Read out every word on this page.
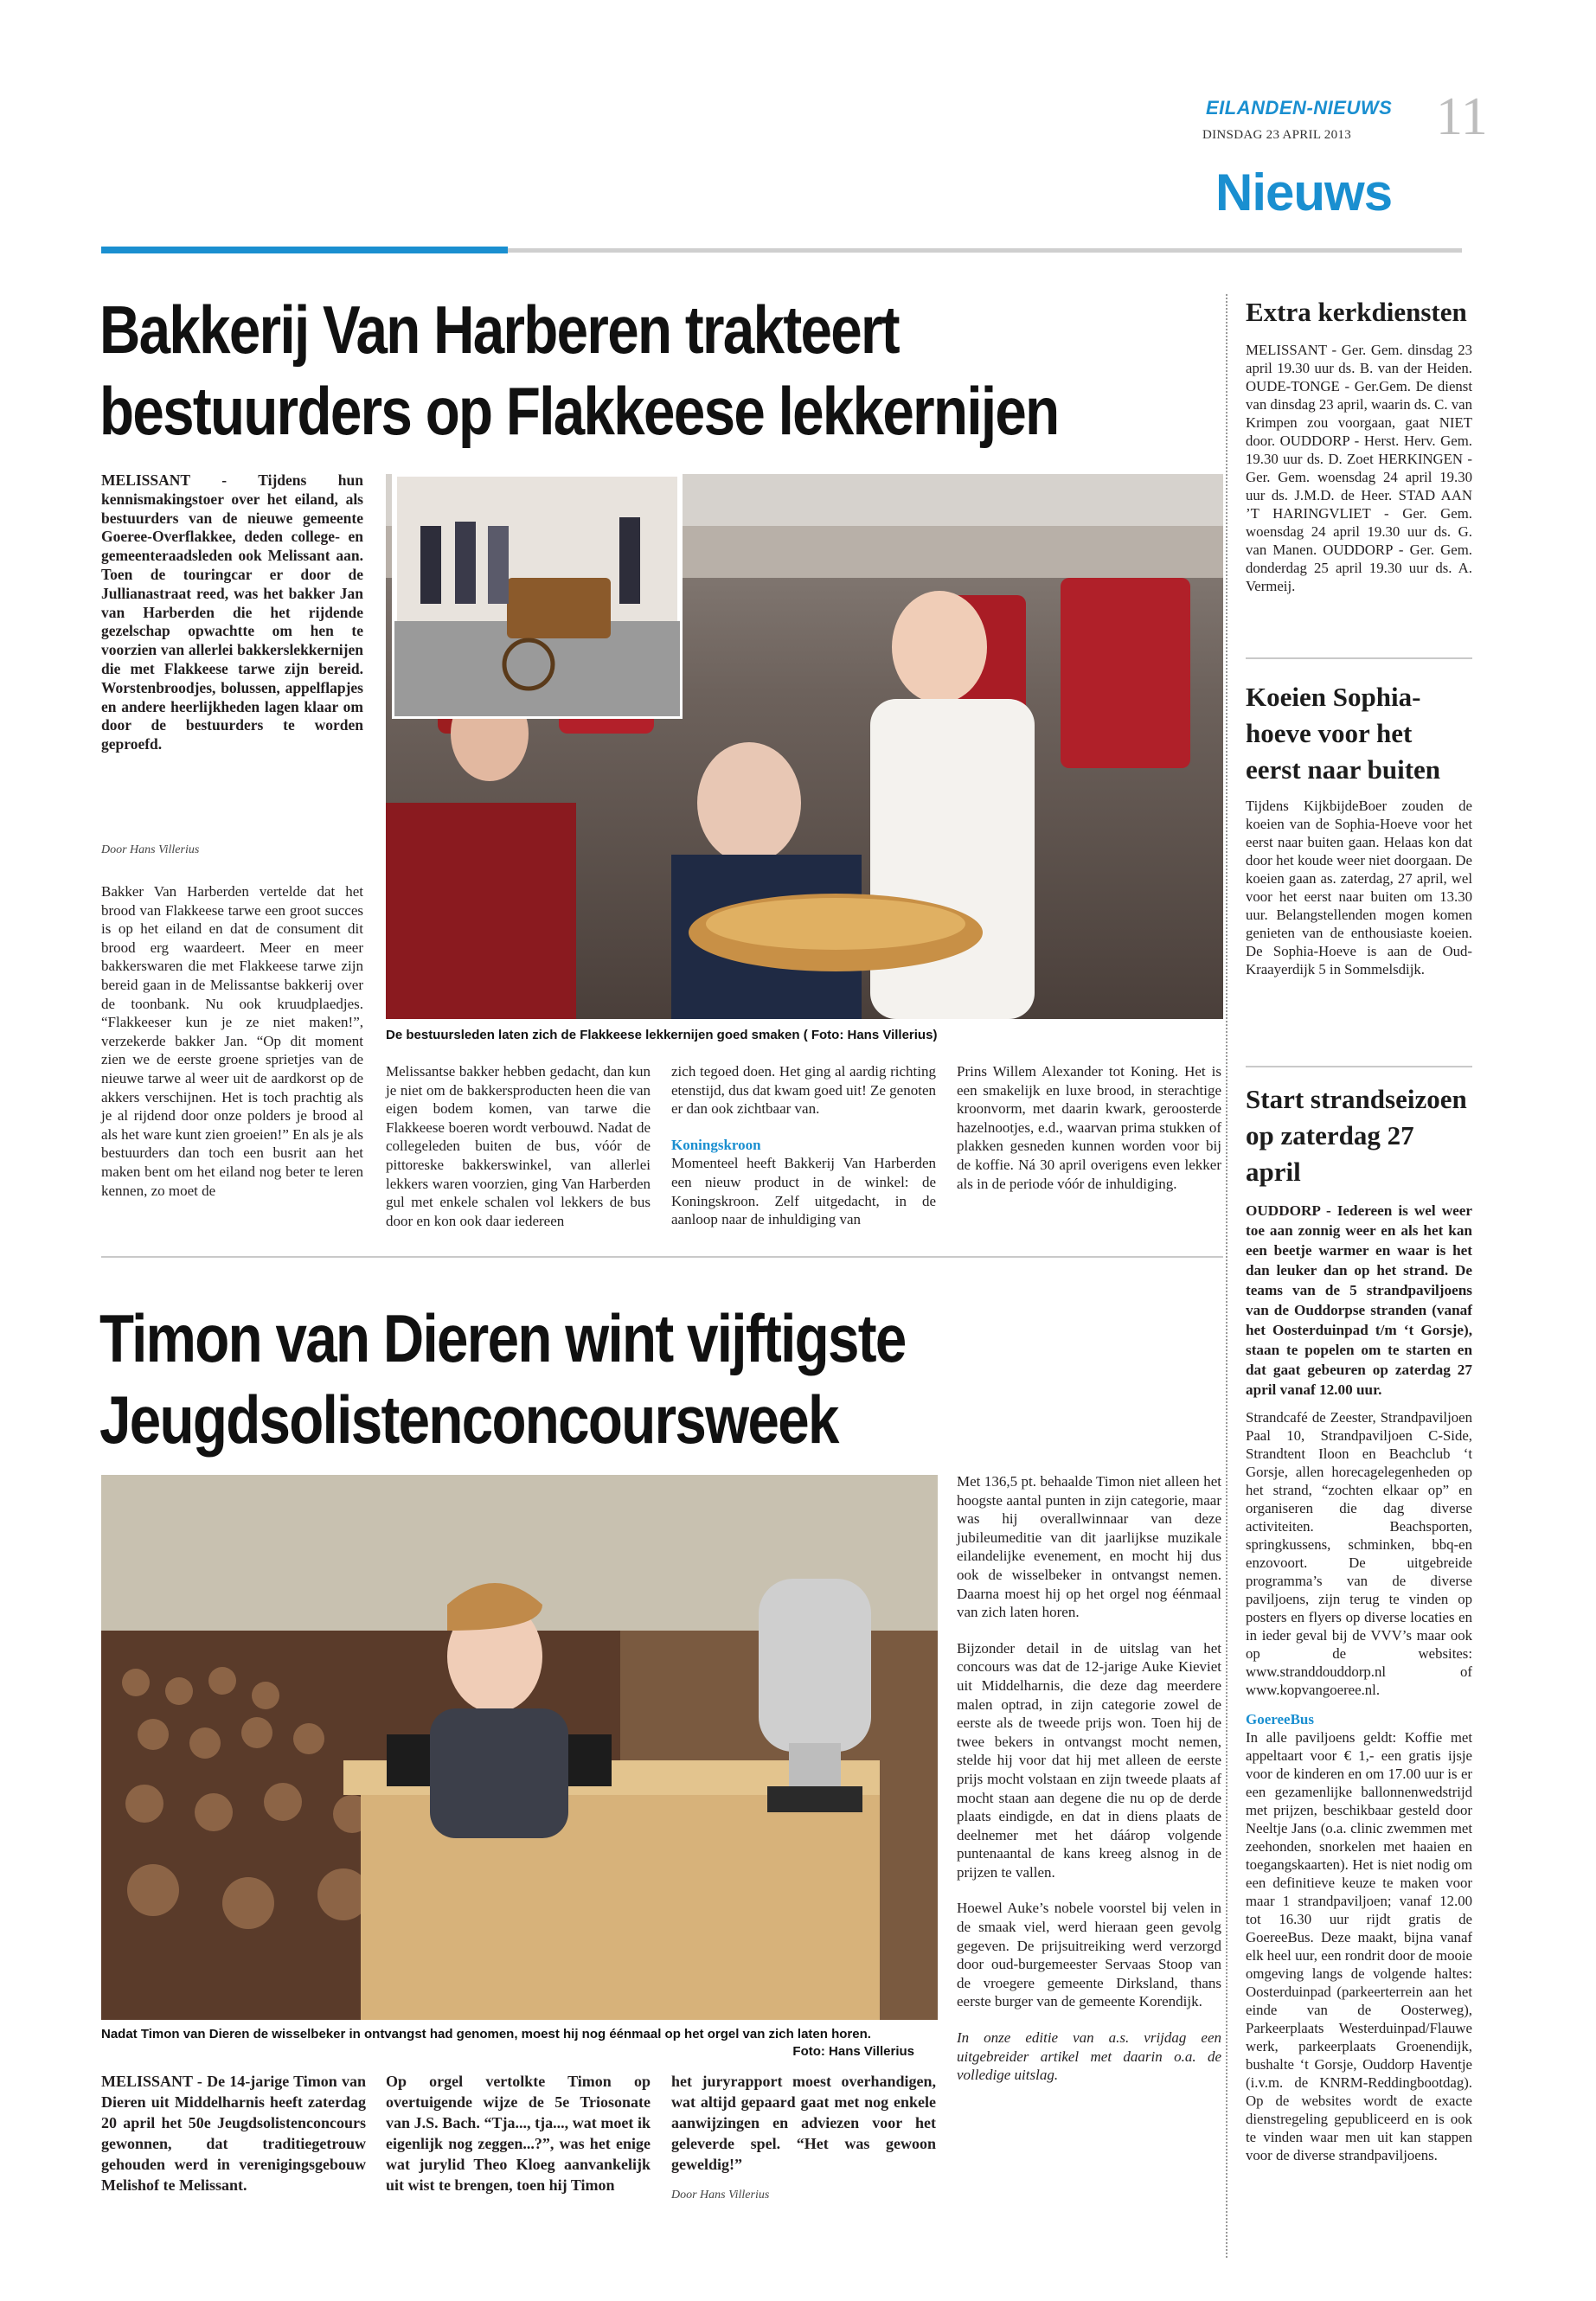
EILANDEN-NIEUWS
DINSDAG 23 APRIL 2013 11
Nieuws
Bakkerij Van Harberen trakteert
bestuurders op Flakkeese lekkernijen
MELISSANT - Tijdens hun kennismakingstoer over het eiland, als bestuurders van de nieuwe gemeente Goeree-Overflakkee, deden college- en gemeenteraadsleden ook Melissant aan. Toen de touringcar er door de Jullianastraat reed, was het bakker Jan van Harberden die het rijdende gezelschap opwachtte om hen te voorzien van allerlei bakkerslekkernijen die met Flakkeese tarwe zijn bereid. Worstenbroodjes, bolussen, appelflapjes en andere heerlijkheden lagen klaar om door de bestuurders te worden geproefd.
Door Hans Villerius
Bakker Van Harberden vertelde dat het brood van Flakkeese tarwe een groot succes is op het eiland en dat de consument dit brood erg waardeert. Meer en meer bakkerswaren die met Flakkeese tarwe zijn bereid gaan in de Melissantse bakkerij over de toonbank. Nu ook kruudplaedjes. “Flakkeeser kun je ze niet maken!”, verzekerde bakker Jan. “Op dit moment zien we de eerste groene sprietjes van de nieuwe tarwe al weer uit de aardkorst op de akkers verschijnen. Het is toch prachtig als je al rijdend door onze polders je brood al als het ware kunt zien groeien!” En als je als bestuurders dan toch een busrit aan het maken bent om het eiland nog beter te leren kennen, zo moet de
De bestuursleden laten zich de Flakkeese lekkernijen goed smaken ( Foto: Hans Villerius)
Melissantse bakker hebben gedacht, dan kun je niet om de bakkersproducten heen die van eigen bodem komen, van tarwe die Flakkeese boeren wordt verbouwd. Nadat de collegeleden buiten de bus, vóór de pittoreske bakkerswinkel, van allerlei lekkers waren voorzien, ging Van Harberden gul met enkele schalen vol lekkers de bus door en kon ook daar iedereen
zich tegoed doen. Het ging al aardig richting etenstijd, dus dat kwam goed uit! Ze genoten er dan ook zichtbaar van.
Koningskroon
Momenteel heeft Bakkerij Van Harberden een nieuw product in de winkel: de Koningskroon. Zelf uitgedacht, in de aanloop naar de inhuldiging van
Prins Willem Alexander tot Koning. Het is een smakelijk en luxe brood, in sterachtige kroonvorm, met daarin kwark, geroosterde hazelnootjes, e.d., waarvan prima stukken of plakken gesneden kunnen worden voor bij de koffie. Ná 30 april overigens even lekker als in de periode vóór de inhuldiging.
Timon van Dieren wint vijftigste
Jeugdsolistenconcoursweek
Nadat Timon van Dieren de wisselbeker in ontvangst had genomen, moest hij nog éénmaal op het orgel van zich laten horen.
Foto: Hans Villerius
MELISSANT - De 14-jarige Timon van Dieren uit Middelharnis heeft zaterdag 20 april het 50e Jeugdsolistenconcours gewonnen, dat traditiegetrouw gehouden werd in verenigingsgebouw Melishof te Melissant.
Op orgel vertolkte Timon op overtuigende wijze de 5e Triosonate van J.S. Bach. “Tja..., tja..., wat moet ik eigenlijk nog zeggen...?”, was het enige wat jurylid Theo Kloeg aanvankelijk uit wist te brengen, toen hij Timon
het juryrapport moest overhandigen, wat altijd gepaard gaat met nog enkele aanwijzingen en adviezen voor het geleverde spel. “Het was gewoon geweldig!”
Door Hans Villerius

Met 136,5 pt. behaalde Timon niet alleen het hoogste aantal punten in zijn categorie, maar was hij overallwinnaar van deze jubileumeditie van dit jaarlijkse muzikale eilandelijke evenement, en mocht hij dus ook de wisselbeker in ontvangst nemen. Daarna moest hij op het orgel nog éénmaal van zich laten horen.

Bijzonder detail in de uitslag van het concours was dat de 12-jarige Auke Kieviet uit Middelharnis, die deze dag meerdere malen optrad, in zijn categorie zowel de eerste als de tweede prijs won. Toen hij de twee bekers in ontvangst mocht nemen, stelde hij voor dat hij met alleen de eerste prijs mocht volstaan en zijn tweede plaats af mocht staan aan degene die nu op de derde plaats eindigde, en dat in diens plaats de deelnemer met het dáárop volgende puntenaantal de kans kreeg alsnog in de prijzen te vallen.

Hoewel Auke’s nobele voorstel bij velen in de smaak viel, werd hieraan geen gevolg gegeven. De prijsuitreiking werd verzorgd door oud-burgemeester Servaas Stoop van de vroegere gemeente Dirksland, thans eerste burger van de gemeente Korendijk.

In onze editie van a.s. vrijdag een uitgebreider artikel met daarin o.a. de volledige uitslag.

Extra kerkdiensten
MELISSANT - Ger. Gem. dinsdag 23 april 19.30 uur ds. B. van der Heiden. OUDE-TONGE - Ger.Gem. De dienst van dinsdag 23 april, waarin ds. C. van Krimpen zou voorgaan, gaat NIET door. OUDDORP - Herst. Herv. Gem. 19.30 uur ds. D. Zoet HERKINGEN - Ger. Gem. woensdag 24 april 19.30 uur ds. J.M.D. de Heer. STAD AAN ’T HARINGVLIET - Ger. Gem. woensdag 24 april 19.30 uur ds. G. van Manen. OUDDORP - Ger. Gem. donderdag 25 april 19.30 uur ds. A. Vermeij.
Koeien Sophia-hoeve voor het eerst naar buiten
Tijdens KijkbijdeBoer zouden de koeien van de Sophia-Hoeve voor het eerst naar buiten gaan. Helaas kon dat door het koude weer niet doorgaan. De koeien gaan as. zaterdag, 27 april, wel voor het eerst naar buiten om 13.30 uur. Belangstellenden mogen komen genieten van de enthousiaste koeien. De Sophia-Hoeve is aan de Oud-Kraayerdijk 5 in Sommelsdijk.
Start strandseizoen op zaterdag 27 april
OUDDORP - Iedereen is wel weer toe aan zonnig weer en als het kan een beetje warmer en waar is het dan leuker dan op het strand. De teams van de 5 strandpaviljoens van de Ouddorpse stranden (vanaf het Oosterduinpad t/m ‘t Gorsje), staan te popelen om te starten en dat gaat gebeuren op zaterdag 27 april vanaf 12.00 uur.
Strandcafé de Zeester, Strandpaviljoen Paal 10, Strandpaviljoen C-Side, Strandtent Iloon en Beachclub ‘t Gorsje, allen horecagelegenheden op het strand, “zochten elkaar op” en organiseren die dag diverse activiteiten. Beachsporten, springkussens, schminken, bbq-en enzovoort. De uitgebreide programma’s van de diverse paviljoens, zijn terug te vinden op posters en flyers op diverse locaties en in ieder geval bij de VVV’s maar ook op de websites: www.stranddouddorp.nl of www.kopvangoeree.nl.
GoereeBus
In alle paviljoens geldt: Koffie met appeltaart voor € 1,- een gratis ijsje voor de kinderen en om 17.00 uur is er een gezamenlijke ballonnenwedstrijd met prijzen, beschikbaar gesteld door Neeltje Jans (o.a. clinic zwemmen met zeehonden, snorkelen met haaien en toegangskaarten). Het is niet nodig om een definitieve keuze te maken voor maar 1 strandpaviljoen; vanaf 12.00 tot 16.30 uur rijdt gratis de GoereeBus. Deze maakt, bijna vanaf elk heel uur, een rondrit door de mooie omgeving langs de volgende haltes: Oosterduinpad (parkeerterrein aan het einde van de Oosterweg), Parkeerplaats Westerduinpad/Flauwe werk, parkeerplaats Groenendijk, bushalte ‘t Gorsje, Ouddorp Haventje (i.v.m. de KNRM-Reddingbootdag). Op de websites wordt de exacte dienstregeling gepubliceerd en is ook te vinden waar men uit kan stappen voor de diverse strandpaviljoens.
